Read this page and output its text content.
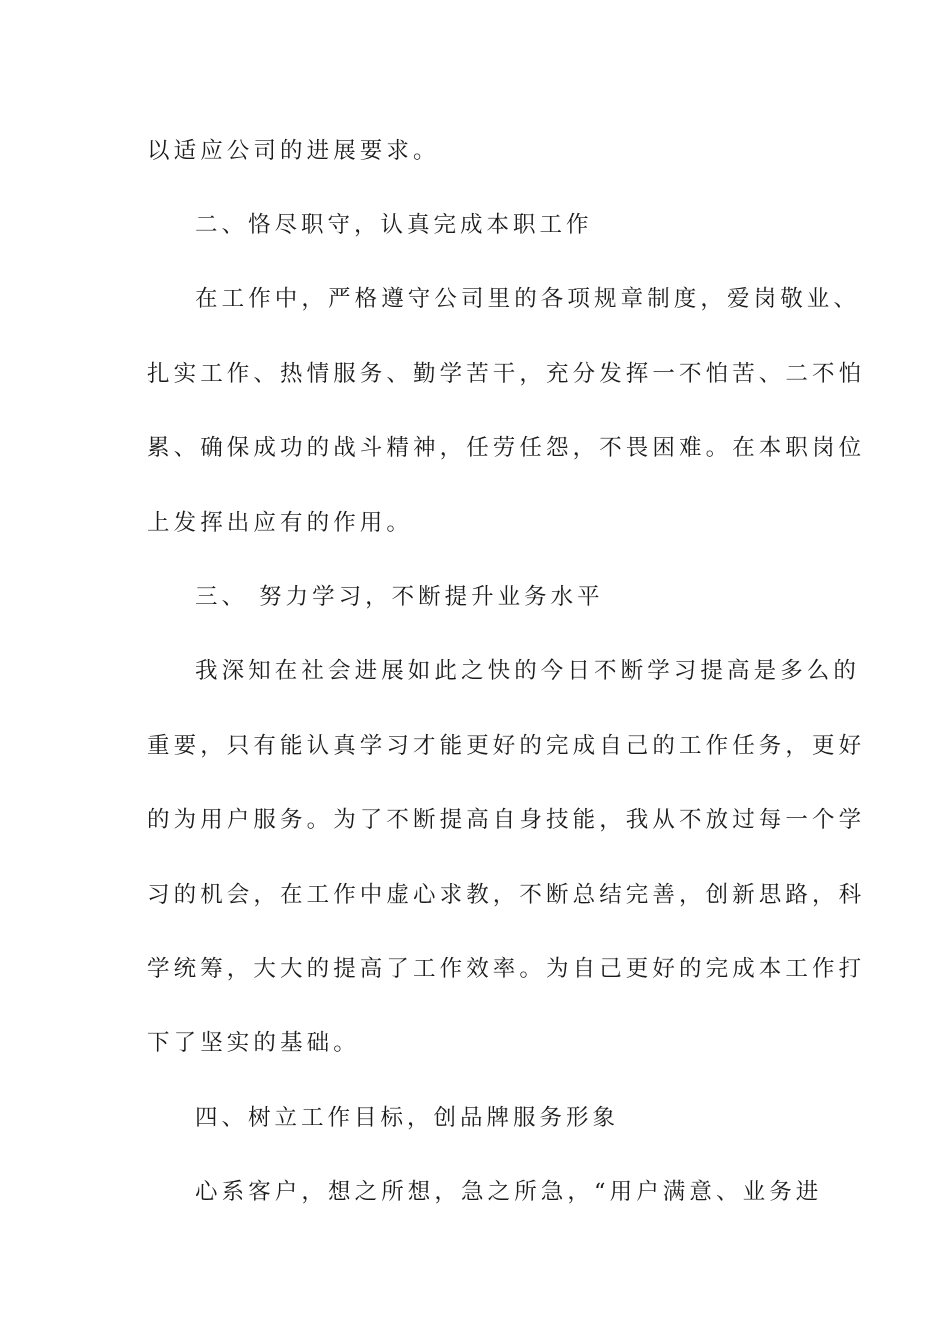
以适应公司的进展要求。
二、恪尽职守，认真完成本职工作
在工作中，严格遵守公司里的各项规章制度，爱岗敬业、
扎实工作、热情服务、勤学苦干，充分发挥一不怕苦、二不怕
累、确保成功的战斗精神，任劳任怨，不畏困难。在本职岗位
上发挥出应有的作用。
三、 努力学习，不断提升业务水平
我深知在社会进展如此之快的今日不断学习提高是多么的
重要，只有能认真学习才能更好的完成自己的工作任务，更好
的为用户服务。为了不断提高自身技能，我从不放过每一个学
习的机会，在工作中虚心求教，不断总结完善，创新思路，科
学统筹，大大的提高了工作效率。为自己更好的完成本工作打
下了坚实的基础。
四、树立工作目标，创品牌服务形象
心系客户，想之所想，急之所急，“用户满意、业务进
